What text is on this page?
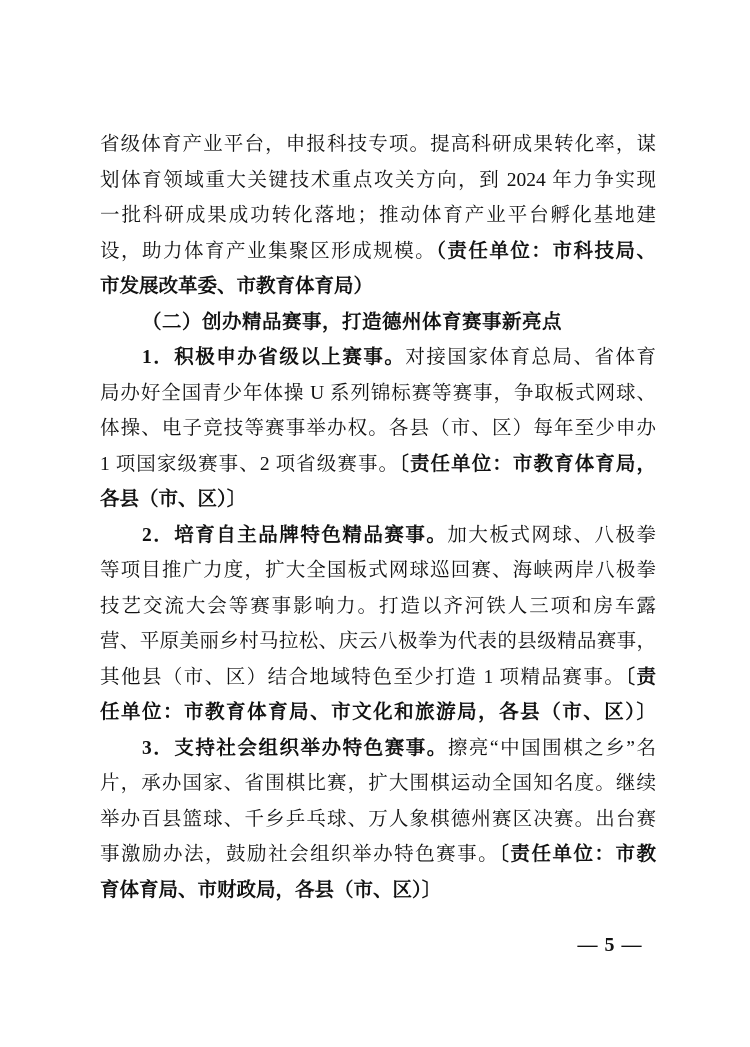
省级体育产业平台，申报科技专项。提高科研成果转化率，谋
划体育领域重大关键技术重点攻关方向，到 2024 年力争实现
一批科研成果成功转化落地；推动体育产业平台孵化基地建
设，助力体育产业集聚区形成规模。（责任单位：市科技局、
市发展改革委、市教育体育局）
（二）创办精品赛事，打造德州体育赛事新亮点
1．积极申办省级以上赛事。对接国家体育总局、省体育
局办好全国青少年体操 U 系列锦标赛等赛事，争取板式网球、
体操、电子竞技等赛事举办权。各县（市、区）每年至少申办
1 项国家级赛事、2 项省级赛事。〔责任单位：市教育体育局，
各县（市、区）〕
2．培育自主品牌特色精品赛事。加大板式网球、八极拳
等项目推广力度，扩大全国板式网球巡回赛、海峡两岸八极拳
技艺交流大会等赛事影响力。打造以齐河铁人三项和房车露
营、平原美丽乡村马拉松、庆云八极拳为代表的县级精品赛事，
其他县（市、区）结合地域特色至少打造 1 项精品赛事。〔责
任单位：市教育体育局、市文化和旅游局，各县（市、区）〕
3．支持社会组织举办特色赛事。擦亮“中国围棋之乡”名
片，承办国家、省围棋比赛，扩大围棋运动全国知名度。继续
举办百县篮球、千乡乒乓球、万人象棋德州赛区决赛。出台赛
事激励办法，鼓励社会组织举办特色赛事。〔责任单位：市教
育体育局、市财政局，各县（市、区）〕
— 5 —
